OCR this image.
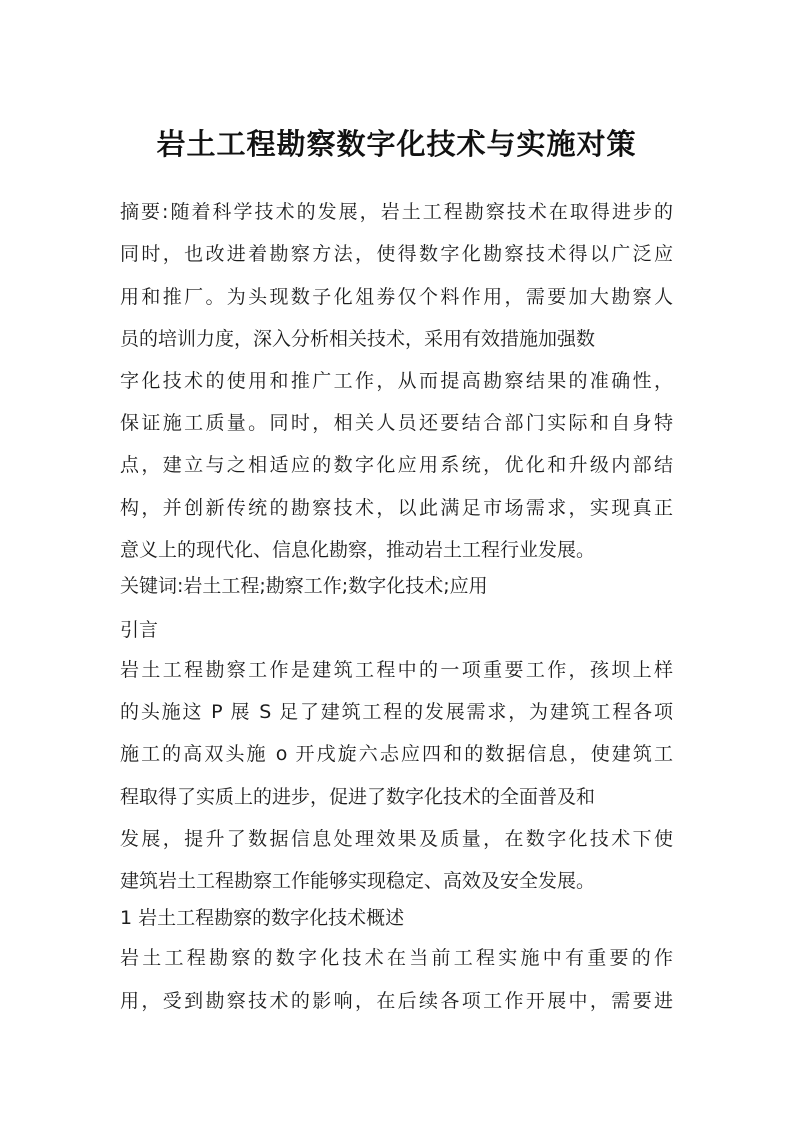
岩土工程勘察数字化技术与实施对策

摘要:随着科学技术的发展，岩土工程勘察技术在取得进步的

同时，也改进着勘察方法，使得数字化勘察技术得以广泛应

用和推厂。为头现数子化俎劵仅个料作用，需要加大勘察人

员的培训力度，深入分析相关技术，采用有效措施加强数

字化技术的使用和推广工作，从而提高勘察结果的准确性，

保证施工质量。同时，相关人员还要结合部门实际和自身特

点，建立与之相适应的数字化应用系统，优化和升级内部结

构，并创新传统的勘察技术，以此满足市场需求，实现真正

意义上的现代化、信息化勘察，推动岩土工程行业发展。

关键词:岩土工程;勘察工作;数字化技术;应用

引言

岩土工程勘察工作是建筑工程中的一项重要工作，孩坝上样

的头施这 P 展 S 足了建筑工程的发展需求，为建筑工程各项

施工的高双头施 o 开戌旋六忐应四和的数据信息，使建筑工

程取得了实质上的进步，促进了数字化技术的全面普及和

发展，提升了数据信息处理效果及质量，在数字化技术下使

建筑岩土工程勘察工作能够实现稳定、高效及安全发展。

1 岩土工程勘察的数字化技术概述

岩土工程勘察的数字化技术在当前工程实施中有重要的作

用，受到勘察技术的影响，在后续各项工作开展中，需要进
